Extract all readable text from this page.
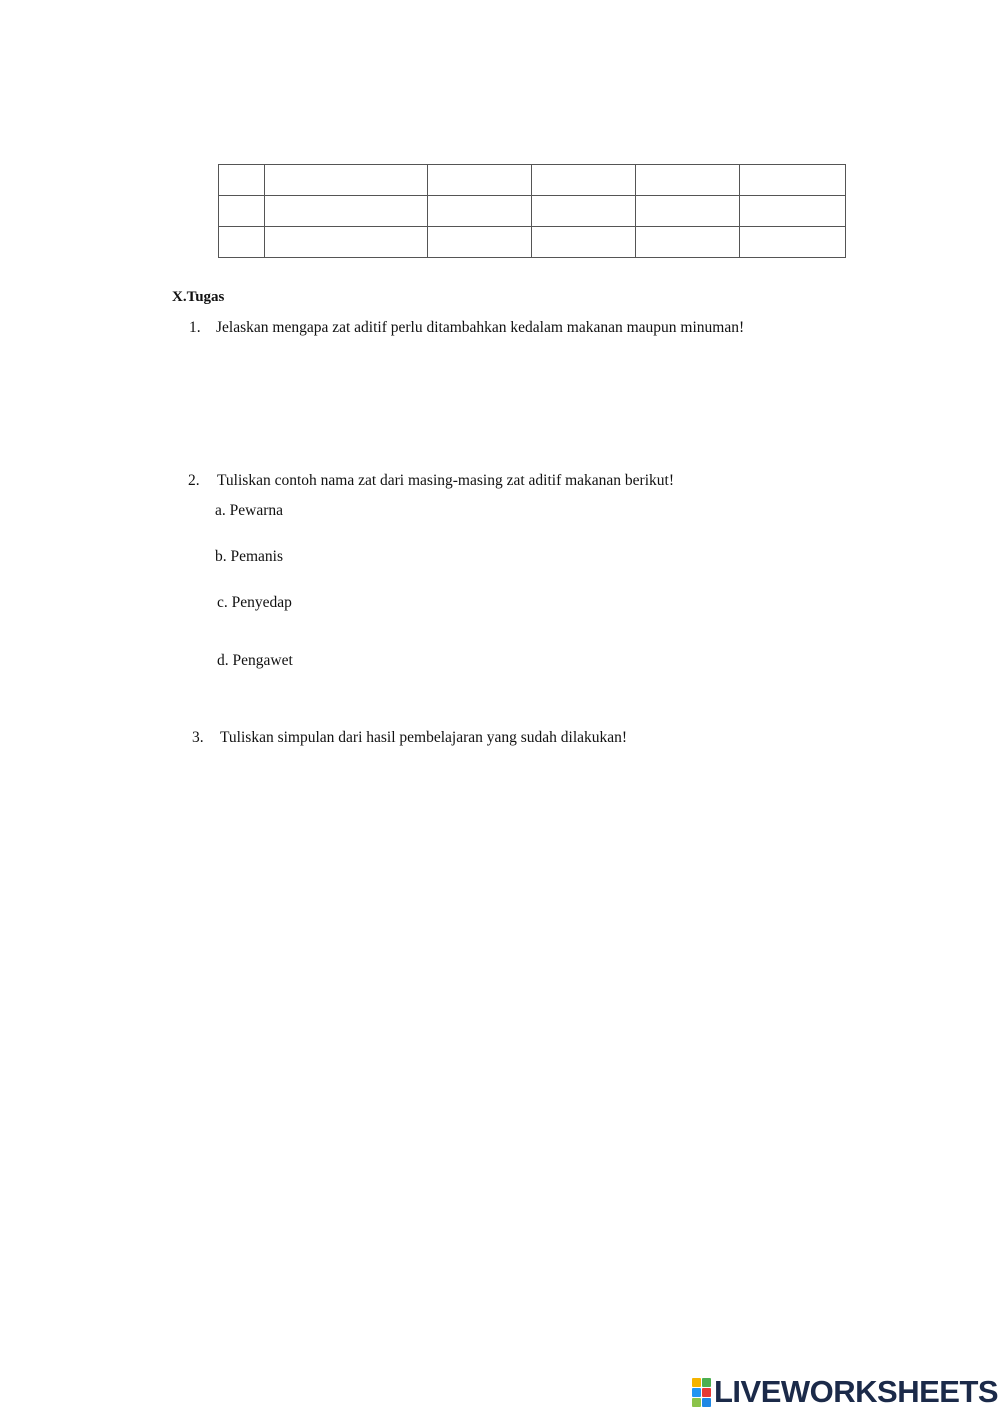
X.Tugas
1. Jelaskan mengapa zat aditif perlu ditambahkan kedalam makanan maupun minuman!
2. Tuliskan contoh nama zat dari masing-masing zat aditif makanan berikut!
a. Pewarna
b. Pemanis
c. Penyedap
d. Pengawet
3. Tuliskan simpulan dari hasil pembelajaran yang sudah dilakukan!
LIVEWORKSHEETS
